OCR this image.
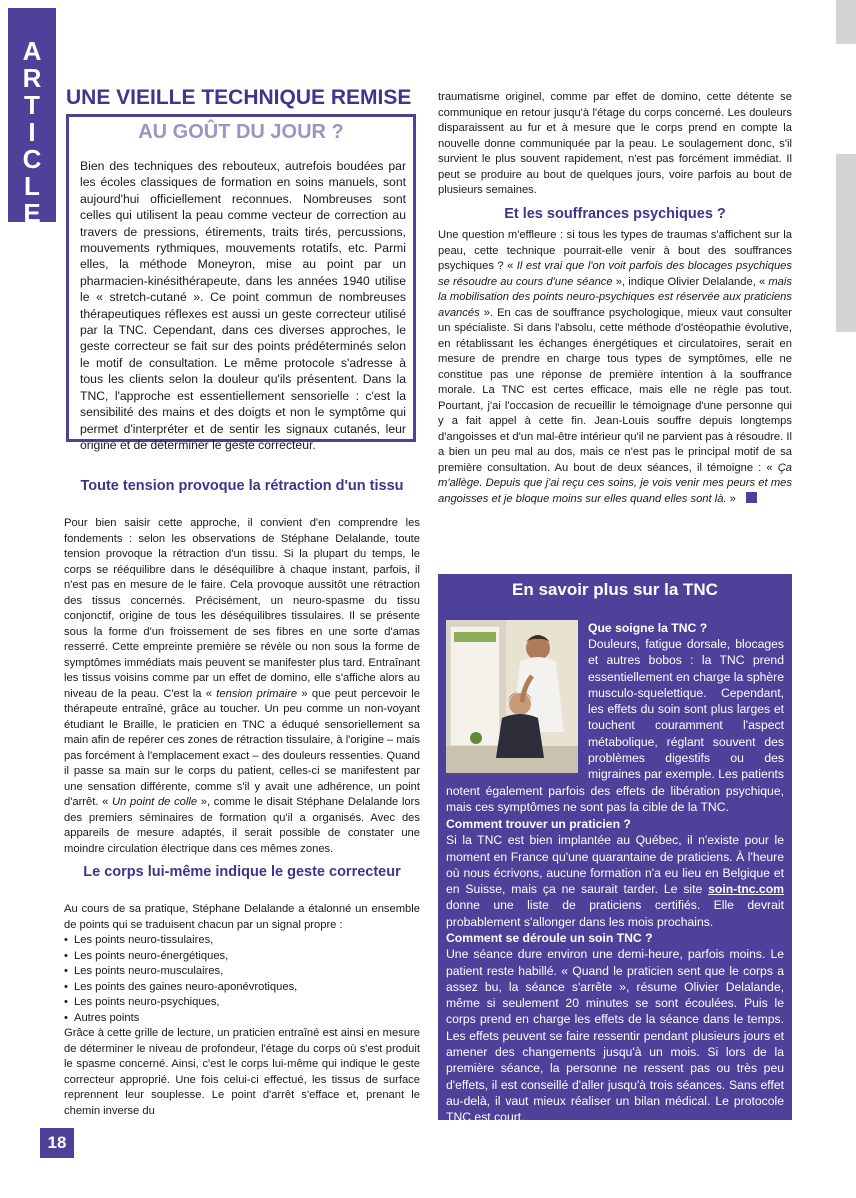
A
R
T
I
C
L
E
UNE VIEILLE TECHNIQUE REMISE
AU GOÛT DU JOUR ?
Bien des techniques des rebouteux, autrefois boudées par les écoles classiques de formation en soins manuels, sont aujourd'hui officiellement reconnues. Nombreuses sont celles qui utilisent la peau comme vecteur de correction au travers de pressions, étirements, traits tirés, percussions, mouvements rythmiques, mouvements rotatifs, etc. Parmi elles, la méthode Moneyron, mise au point par un pharmacien-kinésithérapeute, dans les années 1940 utilise le « stretch-cutané ». Ce point commun de nombreuses thérapeutiques réflexes est aussi un geste correcteur utilisé par la TNC. Cependant, dans ces diverses approches, le geste correcteur se fait sur des points prédéterminés selon le motif de consultation. Le même protocole s'adresse à tous les clients selon la douleur qu'ils présentent. Dans la TNC, l'approche est essentiellement sensorielle : c'est la sensibilité des mains et des doigts et non le symptôme qui permet d'interpréter et de sentir les signaux cutanés, leur origine et de déterminer le geste correcteur.
Toute tension provoque la rétraction d'un tissu

Pour bien saisir cette approche, il convient d'en comprendre les fondements : selon les observations de Stéphane Delalande, toute tension provoque la rétraction d'un tissu. Si la plupart du temps, le corps se rééquilibre dans le déséquilibre à chaque instant, parfois, il n'est pas en mesure de le faire. Cela provoque aussitôt une rétraction des tissus concernés. Précisément, un neuro-spasme du tissu conjonctif, origine de tous les déséquilibres tissulaires. Il se présente sous la forme d'un froissement de ses fibres en une sorte d'amas resserré. Cette empreinte première se révèle ou non sous la forme de symptômes immédiats mais peuvent se manifester plus tard. Entraînant les tissus voisins comme par un effet de domino, elle s'affiche alors au niveau de la peau. C'est la « tension primaire » que peut percevoir le thérapeute entraîné, grâce au toucher. Un peu comme un non-voyant étudiant le Braille, le praticien en TNC a éduqué sensoriellement sa main afin de repérer ces zones de rétraction tissulaire, à l'origine – mais pas forcément à l'emplacement exact – des douleurs ressenties. Quand il passe sa main sur le corps du patient, celles-ci se manifestent par une sensation différente, comme s'il y avait une adhérence, un point d'arrêt. « Un point de colle », comme le disait Stéphane Delalande lors des premiers séminaires de formation qu'il a organisés. Avec des appareils de mesure adaptés, il serait possible de constater une moindre circulation électrique dans ces mêmes zones.

Le corps lui-même indique le geste correcteur

Au cours de sa pratique, Stéphane Delalande a étalonné un ensemble de points qui se traduisent chacun par un signal propre :

• Les points neuro-tissulaires,
• Les points neuro-énergétiques,
• Les points neuro-musculaires,
• Les points des gaines neuro-aponévrotiques,
• Les points neuro-psychiques,
• Autres points

Grâce à cette grille de lecture, un praticien entraîné est ainsi en mesure de déterminer le niveau de profondeur, l'étage du corps où s'est produit le spasme concerné. Ainsi, c'est le corps lui-même qui indique le geste correcteur approprié. Une fois celui-ci effectué, les tissus de surface reprennent leur souplesse. Le point d'arrêt s'efface et, prenant le chemin inverse du

traumatisme originel, comme par effet de domino, cette détente se communique en retour jusqu'à l'étage du corps concerné. Les douleurs disparaissent au fur et à mesure que le corps prend en compte la nouvelle donne communiquée par la peau. Le soulagement donc, s'il survient le plus souvent rapidement, n'est pas forcément immédiat. Il peut se produire au bout de quelques jours, voire parfois au bout de plusieurs semaines.
Et les souffrances psychiques ?

Une question m'effleure : si tous les types de traumas s'affichent sur la peau, cette technique pourrait-elle venir à bout des souffrances psychiques ? « Il est vrai que l'on voit parfois des blocages psychiques se résoudre au cours d'une séance », indique Olivier Delalande, « mais la mobilisation des points neuro-psychiques est réservée aux praticiens avancés ». En cas de souffrance psychologique, mieux vaut consulter un spécialiste. Si dans l'absolu, cette méthode d'ostéopathie évolutive, en rétablissant les échanges énergétiques et circulatoires, serait en mesure de prendre en charge tous types de symptômes, elle ne constitue pas une réponse de première intention à la souffrance morale. La TNC est certes efficace, mais elle ne règle pas tout. Pourtant, j'ai l'occasion de recueillir le témoignage d'une personne qui y a fait appel à cette fin. Jean-Louis souffre depuis longtemps d'angoisses et d'un mal-être intérieur qu'il ne parvient pas à résoudre. Il a bien un peu mal au dos, mais ce n'est pas le principal motif de sa première consultation. Au bout de deux séances, il témoigne : « Ça m'allège. Depuis que j'ai reçu ces soins, je vois venir mes peurs et mes angoisses et je bloque moins sur elles quand elles sont là. »

En savoir plus sur la TNC
Que soigne la TNC ?
Douleurs, fatigue dorsale, blocages et autres bobos : la TNC prend essentiellement en charge la sphère musculo-squelettique. Cependant, les effets du soin sont plus larges et touchent couramment l'aspect métabolique, réglant souvent des problèmes digestifs ou des migraines par exemple. Les patients notent également parfois des effets de libération psychique, mais ces symptômes ne sont pas la cible de la TNC.
Comment trouver un praticien ?
Si la TNC est bien implantée au Québec, il n'existe pour le moment en France qu'une quarantaine de praticiens. À l'heure où nous écrivons, aucune formation n'a eu lieu en Belgique et en Suisse, mais ça ne saurait tarder. Le site soin-tnc.com donne une liste de praticiens certifiés. Elle devrait probablement s'allonger dans les mois prochains.
Comment se déroule un soin TNC ?
Une séance dure environ une demi-heure, parfois moins. Le patient reste habillé. « Quand le praticien sent que le corps a assez bu, la séance s'arrête », résume Olivier Delalande, même si seulement 20 minutes se sont écoulées. Puis le corps prend en charge les effets de la séance dans le temps. Les effets peuvent se faire ressentir pendant plusieurs jours et amener des changements jusqu'à un mois. Si lors de la première séance, la personne ne ressent pas ou très peu d'effets, il est conseillé d'aller jusqu'à trois séances. Sans effet au-delà, il vaut mieux réaliser un bilan médical. Le protocole TNC est court.
18
